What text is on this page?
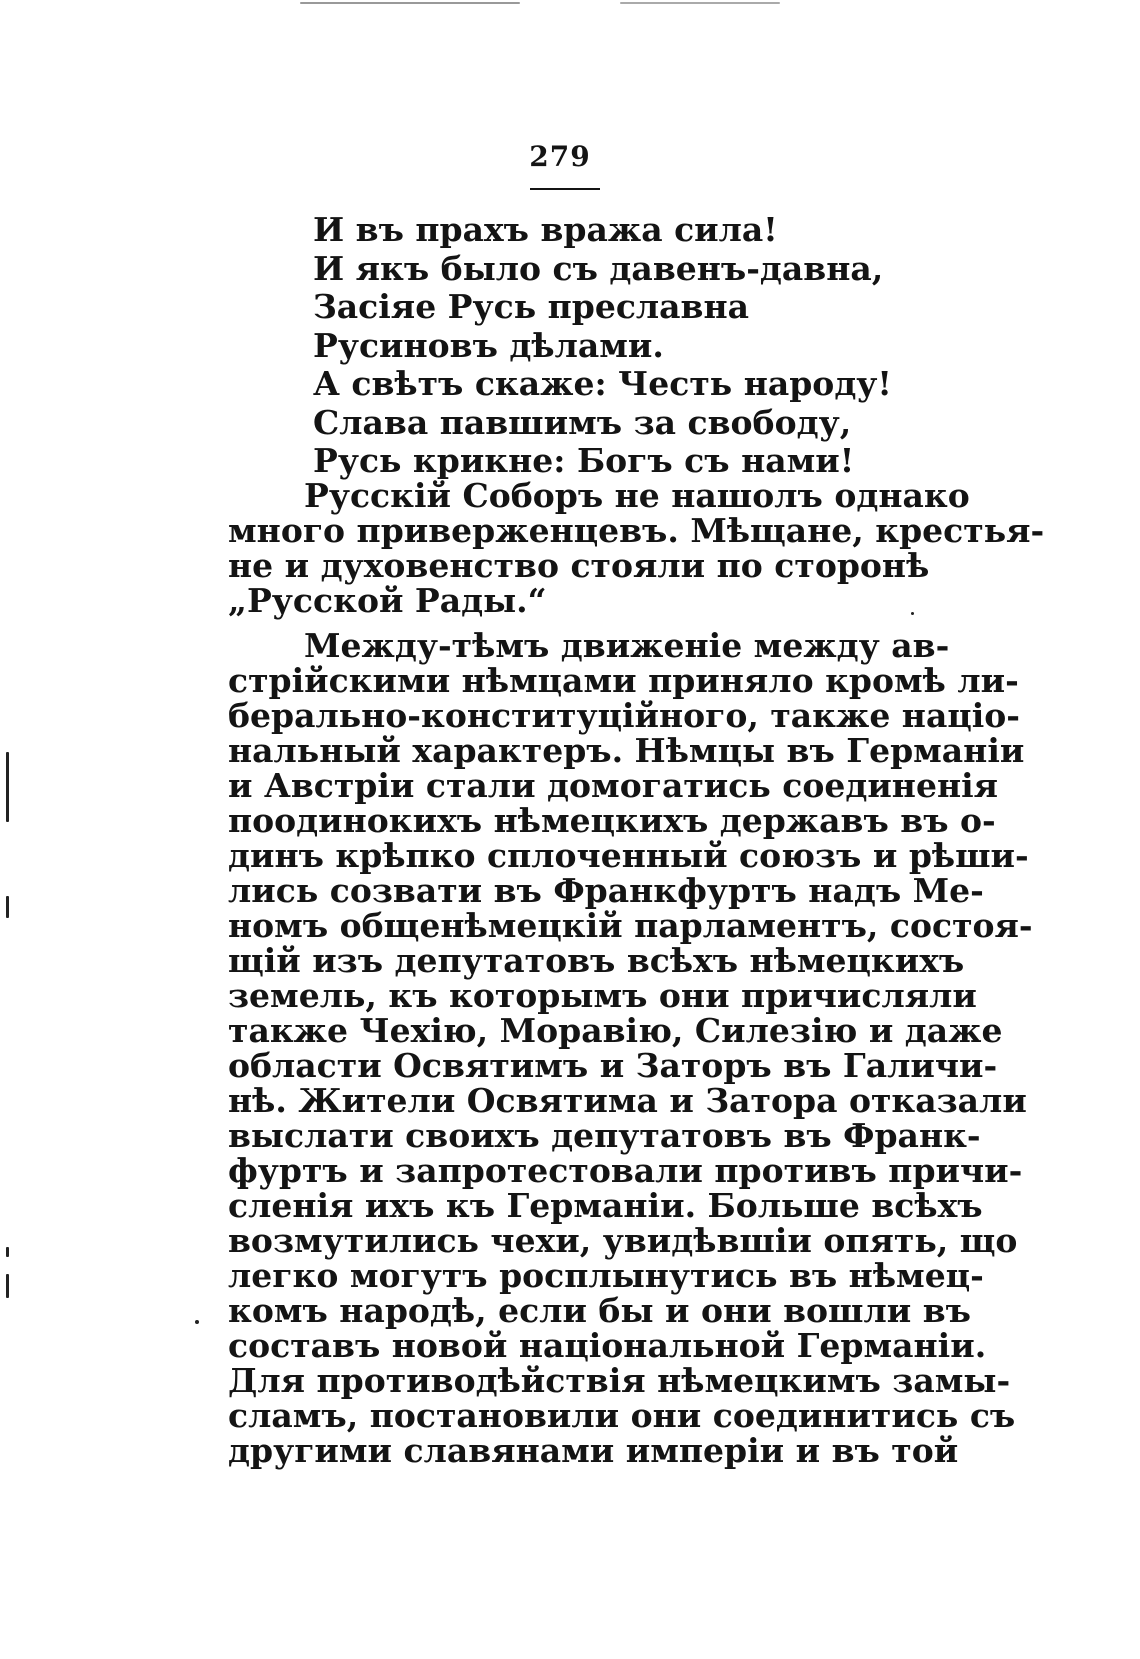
279
И въ прахъ вража сила!
И якъ было съ давенъ-давна,
Засіяе Русь преславна
Русиновъ дѣлами.
А свѣтъ скаже: Честь народу!
Слава павшимъ за свободу,
Русь крикне: Богъ съ нами!
Русскій Соборъ не нашолъ однако
много приверженцевъ. Мѣщане, крестья-
не и духовенство стояли по сторонѣ
„Русской Рады.“
Между-тѣмъ движеніе между ав-
стрійскими нѣмцами приняло кромѣ ли-
берально-конституційного, также націо-
нальный характеръ. Нѣмцы въ Германіи
и Австріи стали домогатись соединенія
поодинокихъ нѣмецкихъ державъ въ о-
динъ крѣпко сплоченный союзъ и рѣши-
лись созвати въ Франкфуртъ надъ Ме-
номъ общенѣмецкій парламентъ, состоя-
щій изъ депутатовъ всѣхъ нѣмецкихъ
земель, къ которымъ они причисляли
также Чехію, Моравію, Силезію и даже
области Освятимъ и Заторъ въ Галичи-
нѣ. Жители Освятима и Затора отказали
выслати своихъ депутатовъ въ Франк-
фуртъ и запротестовали противъ причи-
сленія ихъ къ Германіи. Больше всѣхъ
возмутились чехи, увидѣвшіи опять, що
легко могутъ росплынутись въ нѣмец-
комъ народѣ, если бы и они вошли въ
составъ новой національной Германіи.
Для противодѣйствія нѣмецкимъ замы-
сламъ, постановили они соединитись съ
другими славянами имперіи и въ той
